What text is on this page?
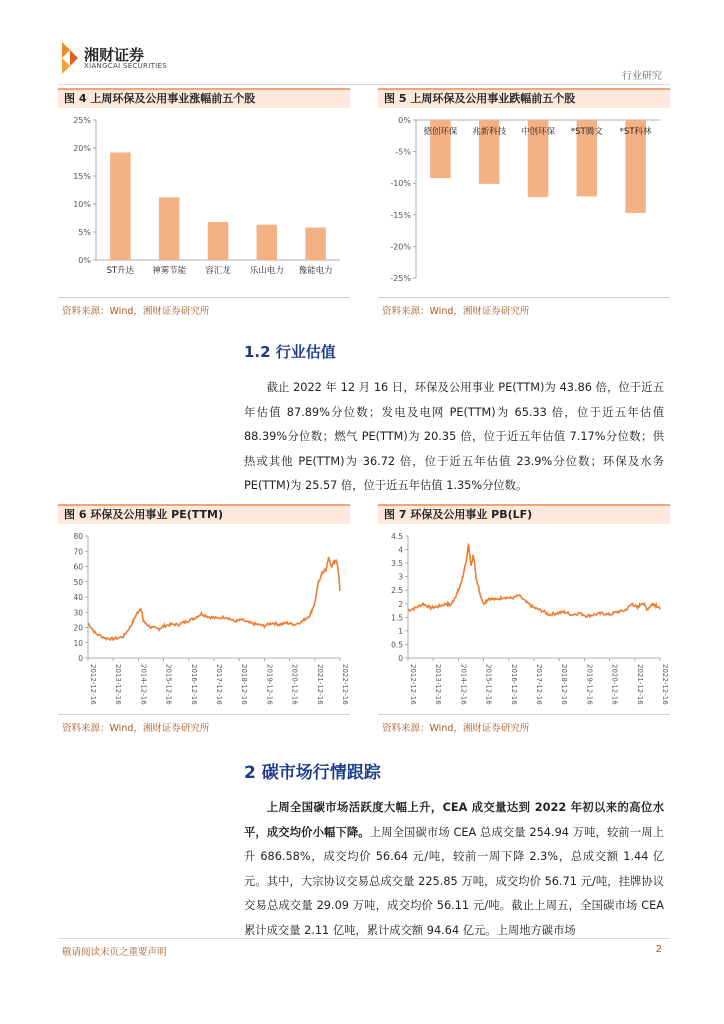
湘财证券
XIANGCAI SECURITIES
行业研究
图 4 上周环保及公用事业涨幅前五个股
0%
5%
10%
15%
20%
25%
ST升达 神雾节能 容汇龙 乐山电力 豫能电力
资料来源：Wind，湘财证券研究所
图 5 上周环保及公用事业跌幅前五个股
0%
-5%
-10%
-15%
-20%
-25%
德创环保 兆新科技 中创环保 *ST腾文 *ST科林
资料来源：Wind，湘财证券研究所
1.2 行业估值
截止 2022 年 12 月 16 日，环保及公用事业 PE(TTM)为 43.86 倍，位于近五年估值 87.89%分位数；发电及电网 PE(TTM)为 65.33 倍，位于近五年估值 88.39%分位数；燃气 PE(TTM)为 20.35 倍，位于近五年估值 7.17%分位数；供热或其他 PE(TTM)为 36.72 倍，位于近五年估值 23.9%分位数；环保及水务 PE(TTM)为 25.57 倍，位于近五年估值 1.35%分位数。
图 6 环保及公用事业 PE(TTM)
0
10
20
30
40
50
60
70
80
2012-12-16 2013-12-16 2014-12-16 2015-12-16 2016-12-16 2017-12-16 2018-12-16 2019-12-16 2020-12-16 2021-12-16 2022-12-16
资料来源：Wind，湘财证券研究所
图 7 环保及公用事业 PB(LF)
0
0.5
1
1.5
2
2.5
3
3.5
4
4.5
2012-12-16 2013-12-16 2014-12-16 2015-12-16 2016-12-16 2017-12-16 2018-12-16 2019-12-16 2020-12-16 2021-12-16 2022-12-16
资料来源：Wind，湘财证券研究所
2 碳市场行情跟踪
上周全国碳市场活跃度大幅上升，CEA 成交量达到 2022 年初以来的高位水平，成交均价小幅下降。上周全国碳市场 CEA 总成交量 254.94 万吨，较前一周上升 686.58%，成交均价 56.64 元/吨，较前一周下降 2.3%，总成交额 1.44 亿元。其中，大宗协议交易总成交量 225.85 万吨，成交均价 56.71 元/吨，挂牌协议交易总成交量 29.09 万吨，成交均价 56.11 元/吨。截止上周五，全国碳市场 CEA 累计成交量 2.11 亿吨，累计成交额 94.64 亿元。上周地方碳市场
敬请阅读末页之重要声明	2
